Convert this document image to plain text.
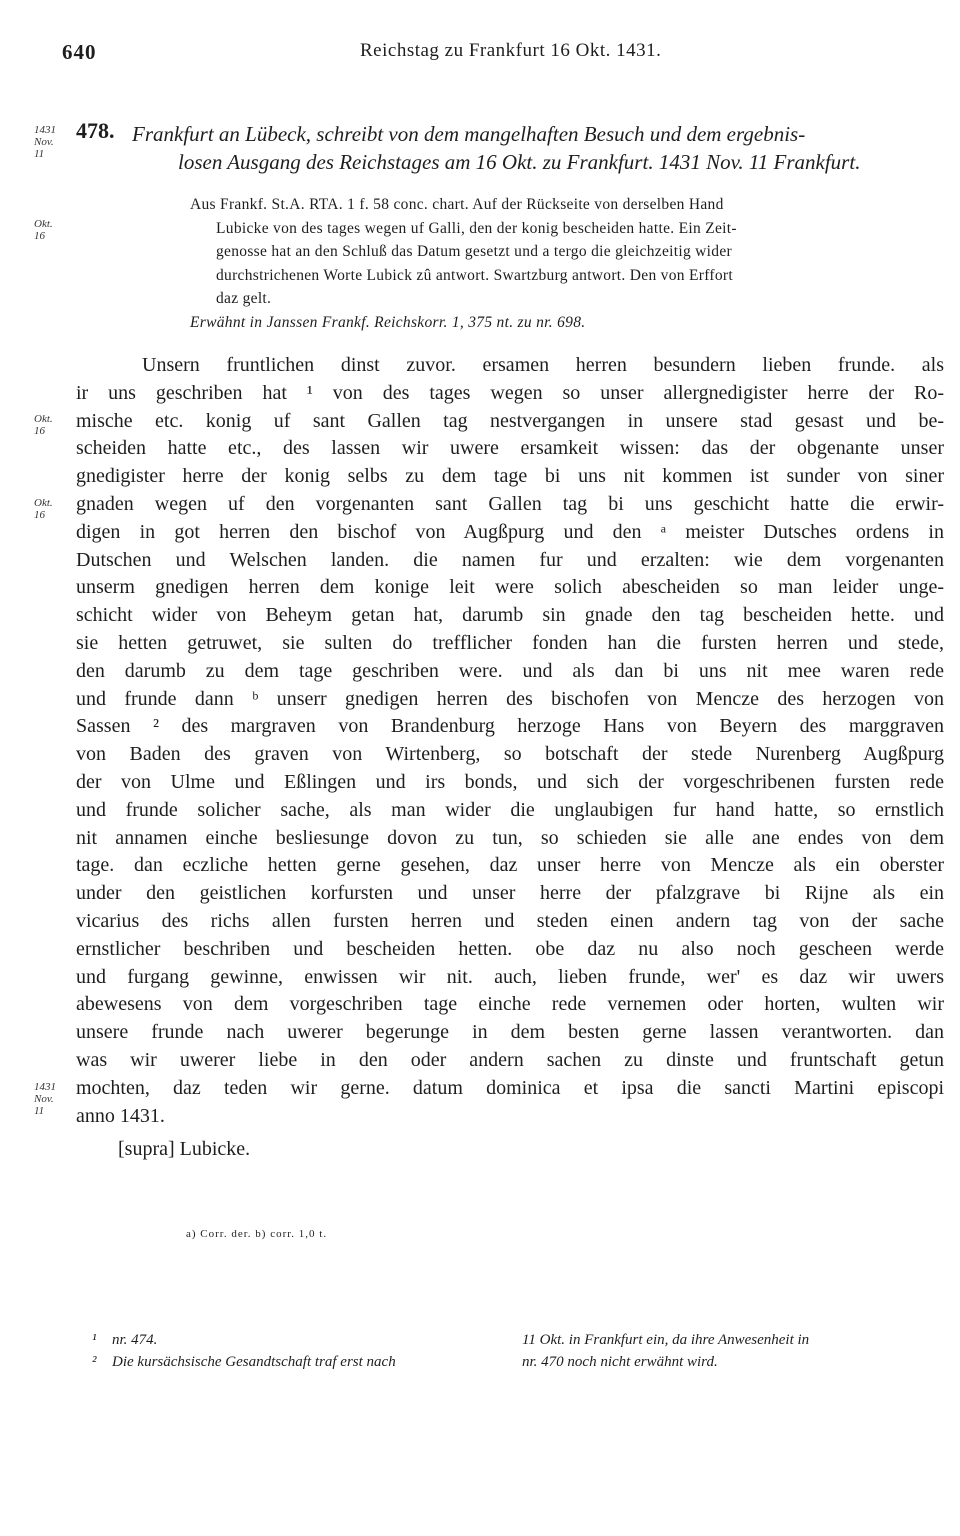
640	Reichstag zu Frankfurt 16 Okt. 1431.
1431 Nov. 11
Okt. 16
Okt. 16
Okt. 16
1431 Nov. 11
478. Frankfurt an Lübeck, schreibt von dem mangelhaften Besuch und dem ergebnis-
losen Ausgang des Reichstages am 16 Okt. zu Frankfurt. 1431 Nov. 11 Frankfurt.
Aus Frankf. St.A. RTA. 1 f. 58 conc. chart. Auf der Rückseite von derselben Hand
Lubicke von des tages wegen uf Galli, den der konig bescheiden hatte. Ein Zeit-
genosse hat an den Schluß das Datum gesetzt und a tergo die gleichzeitig wider
durchstrichenen Worte Lubick zû antwort. Swartzburg antwort. Den von Erffort
daz gelt.
Erwähnt in Janssen Frankf. Reichskorr. 1, 375 nt. zu nr. 698.
Unsern fruntlichen dinst zuvor. ersamen herren besundern lieben frunde. als
ir uns geschriben hat ¹ von des tages wegen so unser allergnedigister herre der Ro-
mische etc. konig uf sant Gallen tag nestvergangen in unsere stad gesast und be-
scheiden hatte etc., des lassen wir uwere ersamkeit wissen: das der obgenante unser
gnedigister herre der konig selbs zu dem tage bi uns nit kommen ist sunder von siner
gnaden wegen uf den vorgenanten sant Gallen tag bi uns geschicht hatte die erwir-
digen in got herren den bischof von Augßpurg und den ᵃ meister Dutsches ordens in
Dutschen und Welschen landen. die namen fur und erzalten: wie dem vorgenanten
unserm gnedigen herren dem konige leit were solich abescheiden so man leider unge-
schicht wider von Beheym getan hat, darumb sin gnade den tag bescheiden hette. und
sie hetten getruwet, sie sulten do trefflicher fonden han die fursten herren und stede,
den darumb zu dem tage geschriben were. und als dan bi uns nit mee waren rede
und frunde dann ᵇ unserr gnedigen herren des bischofen von Mencze des herzogen von
Sassen ² des margraven von Brandenburg herzoge Hans von Beyern des marggraven
von Baden des graven von Wirtenberg, so botschaft der stede Nurenberg Augßpurg
der von Ulme und Eßlingen und irs bonds, und sich der vorgeschribenen fursten rede
und frunde solicher sache, als man wider die unglaubigen fur hand hatte, so ernstlich
nit annamen einche besliesunge dovon zu tun, so schieden sie alle ane endes von dem
tage. dan eczliche hetten gerne gesehen, daz unser herre von Mencze als ein oberster
under den geistlichen korfursten und unser herre der pfalzgrave bi Rijne als ein
vicarius des richs allen fursten herren und steden einen andern tag von der sache
ernstlicher beschriben und bescheiden hetten. obe daz nu also noch gescheen werde
und furgang gewinne, enwissen wir nit. auch, lieben frunde, wer' es daz wir uwers
abewesens von dem vorgeschriben tage einche rede vernemen oder horten, wulten wir
unsere frunde nach uwerer begerunge in dem besten gerne lassen verantworten. dan
was wir uwerer liebe in den oder andern sachen zu dinste und fruntschaft getun
mochten, daz teden wir gerne. datum dominica et ipsa die sancti Martini episcopi
anno 1431.
[supra] Lubicke.
a) Corr. der. b) corr. 1,0 t.
¹ nr. 474.
² Die kursächsische Gesandtschaft traf erst nach
11 Okt. in Frankfurt ein, da ihre Anwesenheit in
nr. 470 noch nicht erwähnt wird.
